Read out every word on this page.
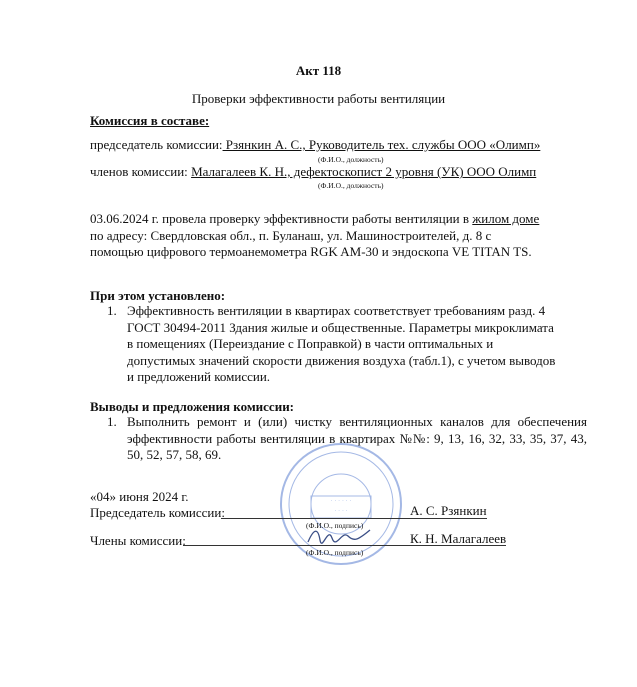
Акт 118
Проверки эффективности работы вентиляции
Комиссия в составе:
председатель комиссии: Рзянкин А. С., Руководитель тех. службы ООО «Олимп»
(Ф.И.О., должность)
членов комиссии: Малагалеев К. Н., дефектоскопист 2 уровня (УК) ООО Олимп
(Ф.И.О., должность)
03.06.2024 г. провела проверку эффективности работы вентиляции в жилом доме по адресу: Свердловская обл., п. Буланаш, ул. Машиностроителей, д. 8 с помощью цифрового термоанемометра RGK AM-30 и эндоскопа VE TITAN TS.
При этом установлено:
1. Эффективность вентиляции в квартирах соответствует требованиям разд. 4 ГОСТ 30494-2011 Здания жилые и общественные. Параметры микроклимата в помещениях (Переиздание с Поправкой) в части оптимальных и допустимых значений скорости движения воздуха (табл.1), с учетом выводов и предложений комиссии.
Выводы и предложения комиссии:
1. Выполнить ремонт и (или) чистку вентиляционных каналов для обеспечения эффективности работы вентиляции в квартирах №№: 9, 13, 16, 32, 33, 35, 37, 43, 50, 52, 57, 58, 69.
· · · · · ·
· · · ·
«04» июня 2024 г.
Председатель комиссии:	А. С. Рзянкин
(Ф.И.О., подпись)
Члены комиссии:	К. Н. Малагалеев
(Ф.И.О., подпись)
